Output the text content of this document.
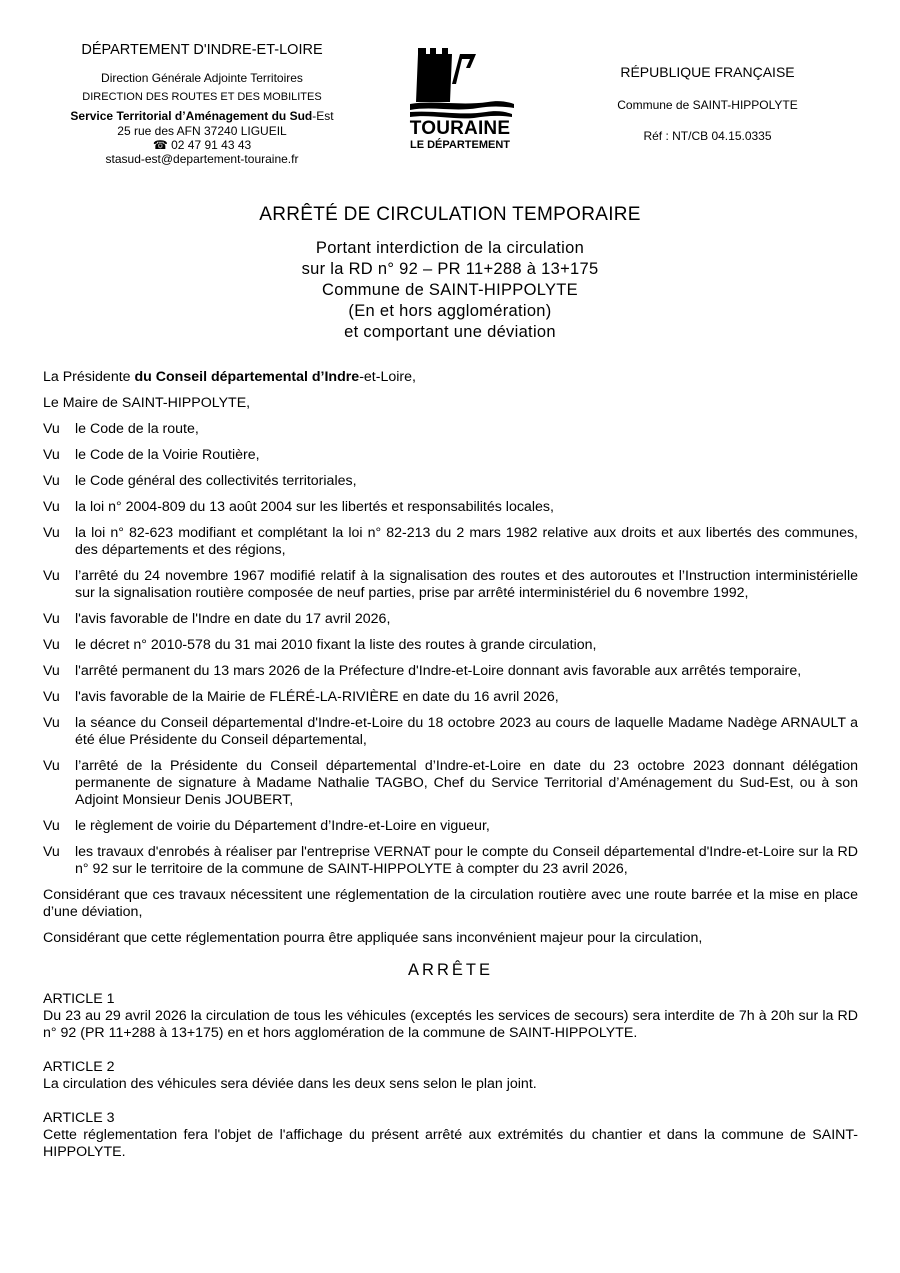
DÉPARTEMENT D'INDRE-ET-LOIRE
Direction Générale Adjointe Territoires
DIRECTION DES ROUTES ET DES MOBILITES
Service Territorial d’Aménagement du Sud-Est
25 rue des AFN 37240 LIGUEIL
☎ 02 47 91 43 43
stasud-est@departement-touraine.fr
TOURAINE
LE DÉPARTEMENT
RÉPUBLIQUE FRANÇAISE
Commune de SAINT-HIPPOLYTE
Réf : NT/CB 04.15.0335
ARRÊTÉ DE CIRCULATION TEMPORAIRE
Portant interdiction de la circulation
sur la RD n° 92 – PR 11+288 à 13+175
Commune de SAINT-HIPPOLYTE
(En et hors agglomération)
et comportant une déviation

La Présidente du Conseil départemental d’Indre-et-Loire,

Le Maire de SAINT-HIPPOLYTE,

Vu	le Code de la route,
Vu	le Code de la Voirie Routière,
Vu	le Code général des collectivités territoriales,
Vu	la loi n° 2004-809 du 13 août 2004 sur les libertés et responsabilités locales,
Vu	la loi n° 82-623 modifiant et complétant la loi n° 82-213 du 2 mars 1982 relative aux droits et aux libertés des communes, des départements et des régions,
Vu	l’arrêté du 24 novembre 1967 modifié relatif à la signalisation des routes et des autoroutes et l’Instruction interministérielle sur la signalisation routière composée de neuf parties, prise par arrêté interministériel du 6 novembre 1992,
Vu	l'avis favorable de l'Indre en date du 17 avril 2026,
Vu	le décret n° 2010-578 du 31 mai 2010 fixant la liste des routes à grande circulation,
Vu	l'arrêté permanent du 13 mars 2026 de la Préfecture d'Indre-et-Loire donnant avis favorable aux arrêtés temporaire,
Vu	l'avis favorable de la Mairie de FLÉRÉ-LA-RIVIÈRE en date du 16 avril 2026,
Vu	la séance du Conseil départemental d'Indre-et-Loire du 18 octobre 2023 au cours de laquelle Madame Nadège ARNAULT a été élue Présidente du Conseil départemental,
Vu	l’arrêté de la Présidente du Conseil départemental d’Indre-et-Loire en date du 23 octobre 2023 donnant délégation permanente de signature à Madame Nathalie TAGBO, Chef du Service Territorial d’Aménagement du Sud-Est, ou à son Adjoint Monsieur Denis JOUBERT,
Vu	le règlement de voirie du Département d’Indre-et-Loire en vigueur,
Vu	les travaux d'enrobés à réaliser par l'entreprise VERNAT pour le compte du Conseil départemental d'Indre-et-Loire sur la RD n° 92 sur le territoire de la commune de SAINT-HIPPOLYTE à compter du 23 avril 2026,

Considérant que ces travaux nécessitent une réglementation de la circulation routière avec une route barrée et la mise en place d’une déviation,

Considérant que cette réglementation pourra être appliquée sans inconvénient majeur pour la circulation,

ARRÊTE

ARTICLE 1

Du 23 au 29 avril 2026 la circulation de tous les véhicules (exceptés les services de secours) sera interdite de 7h à 20h sur la RD n° 92 (PR 11+288 à 13+175) en et hors agglomération de la commune de SAINT-HIPPOLYTE.

ARTICLE 2

La circulation des véhicules sera déviée dans les deux sens selon le plan joint.

ARTICLE 3

Cette réglementation fera l'objet de l'affichage du présent arrêté aux extrémités du chantier et dans la commune de SAINT-HIPPOLYTE.
